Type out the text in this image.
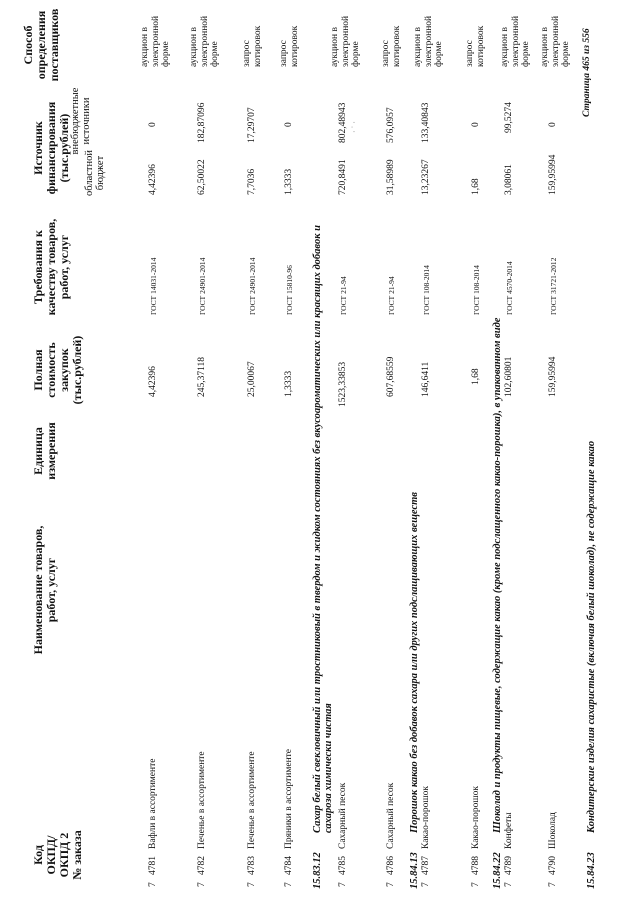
Код ОКПД/ ОКПД 2 № заказа
Наименование товаров, работ, услуг
Единица измерения
Полная стоимость закупок (тыс.рублей)
Требования к качеству товаров, работ, услуг
Источник финансирования (тыс.рублей) областной бюджет
внебюджетные источники
Способ определения поставщиков
7
4781
Вафли в ассортименте
4,42396
ГОСТ 14031-2014
4,42396
0
аукцион в электронной форме
7
4782
Печенье в ассортименте
245,37118
ГОСТ 24901-2014
62,50022
182,87096
аукцион в электронной форме
7
4783
Печенье в ассортименте
25,00067
ГОСТ 24901-2014
7,7036
17,29707
запрос котировок
7
4784
Пряники в ассортименте
1,3333
ГОСТ 15810-96
1,3333
0
запрос котировок
15.83.12
Сахар белый свекловичный или тростниковый в твердом и жидком состояниях без вкусоароматических или красящих добавок и сахароза химически чистая
7
4785
Сахарный песок
1523,33853
ГОСТ 21-94
720,8491
802,48943 · ˙ ·
аукцион в электронной форме
7
4786
Сахарный песок
607,68559
ГОСТ 21-94
31,58989
576,0957
запрос котировок
15.84.13
Порошок какао без добавок сахара или других подслащивающих веществ
7
4787
Какао-порошок
146,6411
ГОСТ 108-2014
13,23267
133,40843
аукцион в электронной форме
7
4788
Какао-порошок
1,68
ГОСТ 108-2014
1,68
0
запрос котировок
15.84.22
Шоколад и продукты пищевые, содержащие какао (кроме подслащенного какао-порошка), в упакованном виде
7
4789
Конфеты
102,60801
ГОСТ 4570-2014
3,08061
99,5274
аукцион в электронной форме
7
4790
Шоколад
159,95994
ГОСТ 31721-2012
159,95994
0
аукцион в электронной форме
15.84.23
Кондитерские изделия сахаристые (включая белый шоколад), не содержащие какао
Страница 465 из 556
